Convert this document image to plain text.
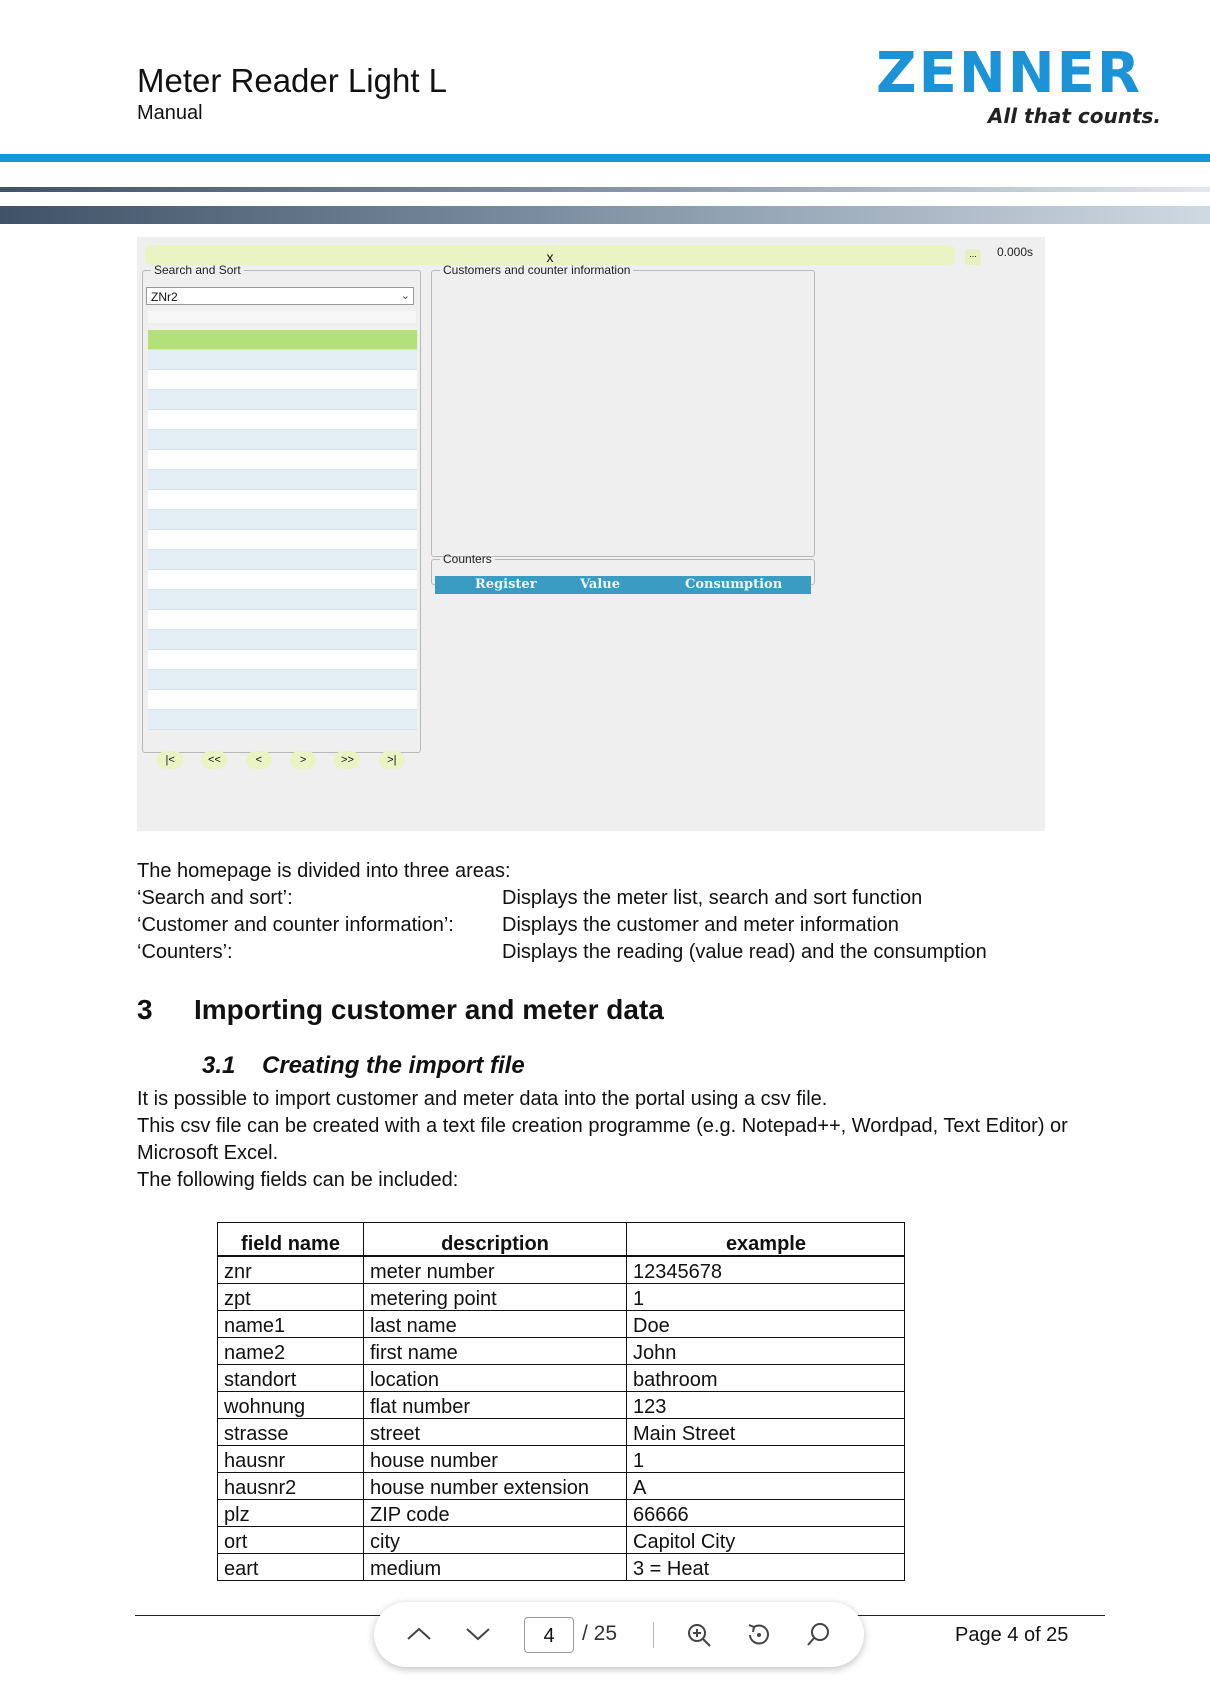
Meter Reader Light L
Manual
ZENNER
All that counts.
x	...	0.000s
Search and Sort
ZNr2	⌄
|<	<<	<	>	>>	>|
Customers and counter information
Counters
Register	Value	Consumption
The homepage is divided into three areas:
‘Search and sort’:	Displays the meter list, search and sort function
‘Customer and counter information’: Displays the customer and meter information
‘Counters’:	Displays the reading (value read) and the consumption
3 Importing customer and meter data
3.1 Creating the import file
It is possible to import customer and meter data into the portal using a csv file.
This csv file can be created with a text file creation programme (e.g. Notepad++, Wordpad, Text Editor) or
Microsoft Excel.
The following fields can be included:
field name	description	example
znr	meter number	12345678
zpt	metering point	1
name1	last name	Doe
name2	first name	John
standort	location	bathroom
wohnung	flat number	123
strasse	street	Main Street
hausnr	house number	1
hausnr2	house number extension	A
plz	ZIP code	66666
ort	city	Capitol City
eart	medium	3 = Heat
4	/ 25	Page 4 of 25
